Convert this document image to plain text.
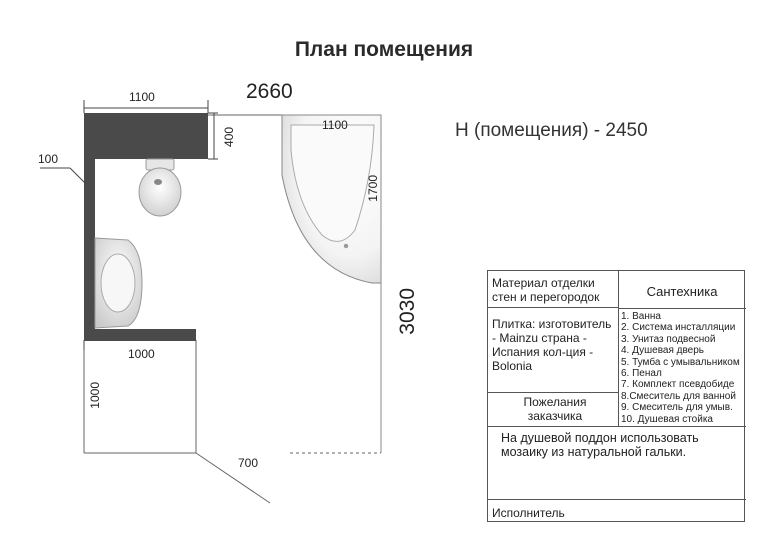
План помещения
H (помещения) - 2450
1100	2660
400
100
1100
1700
3030
1000
1000
700
Материал отделки стен и перегородок	Сантехника
Плитка: изготовитель - Mainzu страна - Испания кол-ция - Bolonia
Пожелания заказчика
1. Ванна
2. Система инсталляции
3. Унитаз подвесной
4. Душевая дверь
5. Тумба с умывальником
6. Пенал
7. Комплект псевдобиде
8.Смеситель для ванной
9. Смеситель для умыв.
10. Душевая стойка
На душевой поддон использовать мозаику из натуральной гальки.
Исполнитель
